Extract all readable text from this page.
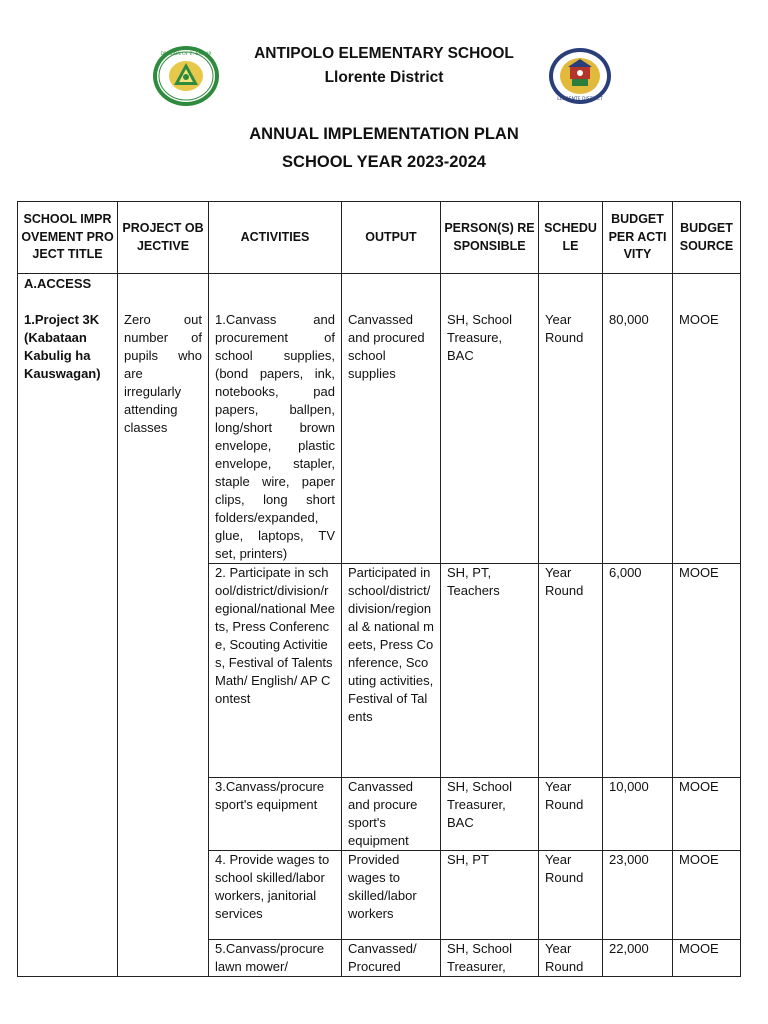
DIVISION OF E. SAMAR	ANTIPOLO ELEMENTARY SCHOOL
Llorente District
LLORENTE DISTRICT
ANNUAL IMPLEMENTATION PLAN
SCHOOL YEAR 2023-2024
SCHOOL IMPROVEMENT PROJECT TITLE	PROJECT OBJECTIVE	ACTIVITIES	OUTPUT	PERSON(S) RESPONSIBLE	SCHEDULE	BUDGET PER ACTIVITY	BUDGET SOURCE

A.ACCESS
1.Project 3K (Kabataan Kabulig ha Kauswagan)	Zero out number of pupils who are irregularly attending classes	1.Canvass and procurement of school supplies, (bond papers, ink, notebooks, pad papers, ballpen, long/short brown envelope, plastic envelope, stapler, staple wire, paper clips, long short folders/expanded, glue, laptops, TV set, printers)	Canvassed and procured school supplies	SH, School Treasure, BAC	Year Round	80,000	MOOE
		2. Participate in school/district/division/regional/national Meets, Press Conference, Scouting Activities, Festival of Talents Math/ English/ AP Contest	Participated in school/district/division/regional & national meets, Press Conference, Scouting activities, Festival of Talents	SH, PT, Teachers	Year Round	6,000	MOOE
		3.Canvass/procure sport's equipment	Canvassed and procure sport's equipment	SH, School Treasurer, BAC	Year Round	10,000	MOOE
		4. Provide wages to school skilled/labor workers, janitorial services	Provided wages to skilled/labor workers	SH, PT	Year Round	23,000	MOOE
		5.Canvass/procure lawn mower/	Canvassed/ Procured	SH, School Treasurer,	Year Round	22,000	MOOE
